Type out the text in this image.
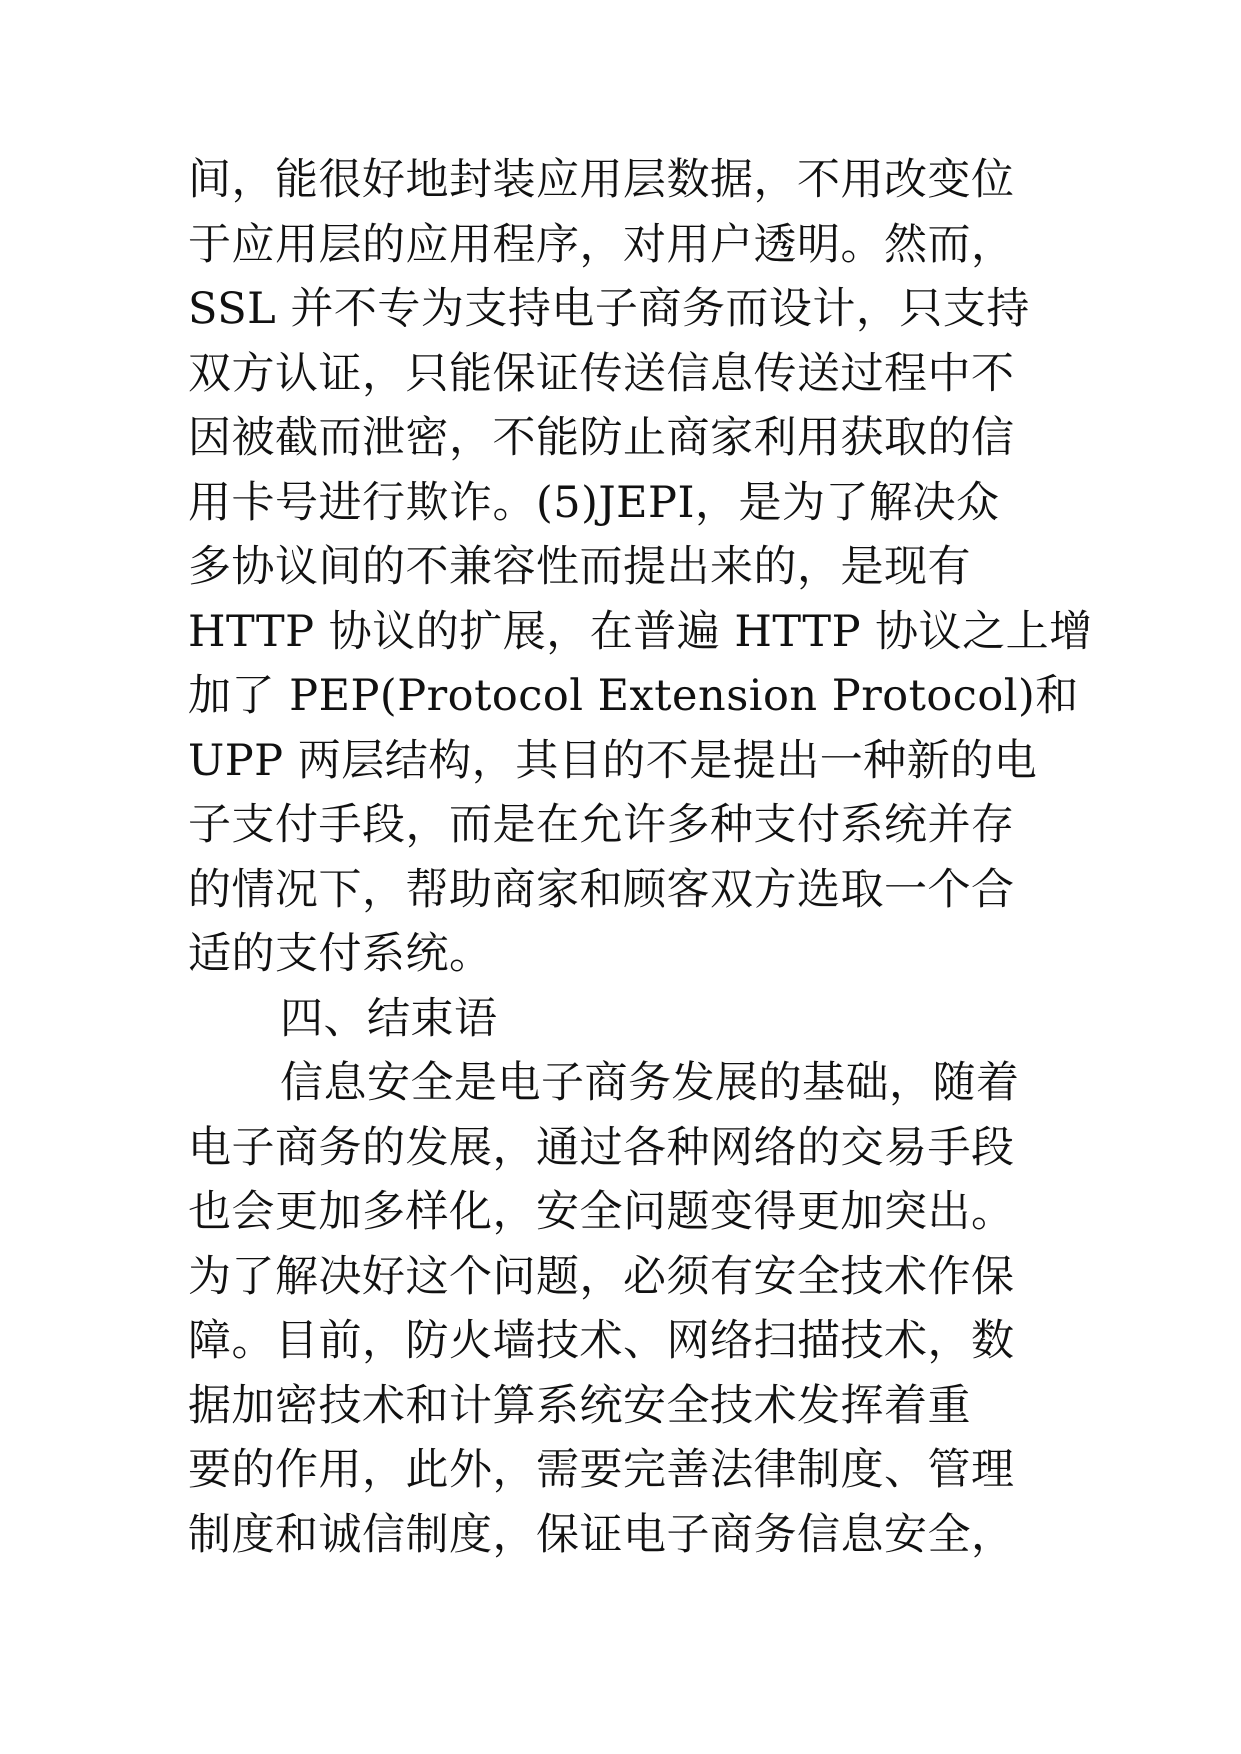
间，能很好地封装应用层数据，不用改变位
于应用层的应用程序，对用户透明。然而，
SSL 并不专为支持电子商务而设计，只支持
双方认证，只能保证传送信息传送过程中不
因被截而泄密，不能防止商家利用获取的信
用卡号进行欺诈。(5)JEPI，是为了解决众
多协议间的不兼容性而提出来的，是现有
HTTP 协议的扩展，在普遍 HTTP 协议之上增
加了 PEP(Protocol Extension Protocol)和
UPP 两层结构，其目的不是提出一种新的电
子支付手段，而是在允许多种支付系统并存
的情况下，帮助商家和顾客双方选取一个合
适的支付系统。
四、结束语
信息安全是电子商务发展的基础，随着
电子商务的发展，通过各种网络的交易手段
也会更加多样化，安全问题变得更加突出。
为了解决好这个问题，必须有安全技术作保
障。目前，防火墙技术、网络扫描技术，数
据加密技术和计算系统安全技术发挥着重
要的作用，此外，需要完善法律制度、管理
制度和诚信制度，保证电子商务信息安全，
